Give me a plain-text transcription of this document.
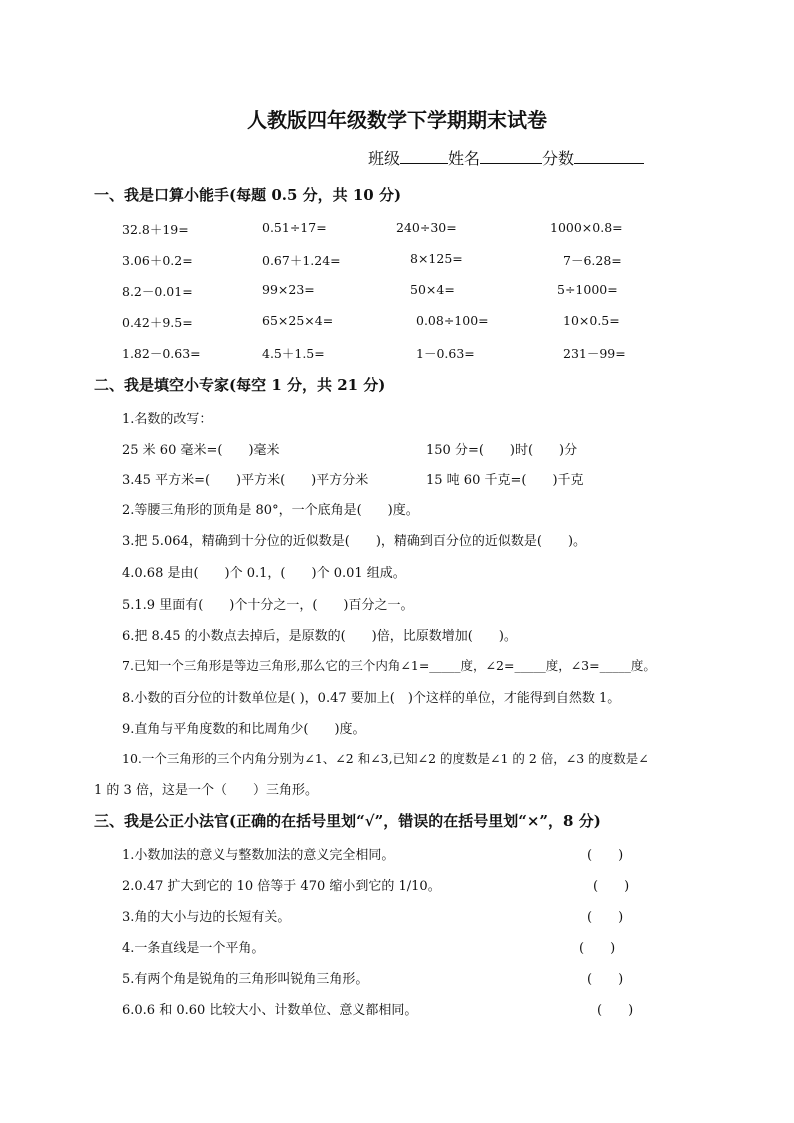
人教版四年级数学下学期期末试卷
班级	姓名	分数
一、我是口算小能手(每题 0.5 分，共 10 分)
32.8＋19=	0.51÷17=	240÷30=	1000×0.8=
3.06＋0.2=	0.67＋1.24=	8×125=	7－6.28=
8.2－0.01=	99×23=	50×4=	5÷1000=
0.42＋9.5=	65×25×4=	0.08÷100=	10×0.5=
1.82－0.63=	4.5＋1.5=	1－0.63=	231－99=
二、我是填空小专家(每空 1 分，共 21 分)
1.名数的改写：
25 米 60 毫米=(　　)毫米	150 分=(　　)时(　　)分
3.45 平方米=(　　)平方米(　　)平方分米	15 吨 60 千克=(　　)千克
2.等腰三角形的顶角是 80°，一个底角是(　　)度。
3.把 5.064，精确到十分位的近似数是(　　)，精确到百分位的近似数是(　　)。
4.0.68 是由(　　)个 0.1，(　　)个 0.01 组成。
5.1.9 里面有(　　)个十分之一，(　　)百分之一。
6.把 8.45 的小数点去掉后，是原数的(　　)倍，比原数增加(　　)。
7.已知一个三角形是等边三角形,那么它的三个内角∠1=_____度，∠2=_____度，∠3=_____度。
8.小数的百分位的计数单位是( )，0.47 要加上(　)个这样的单位，才能得到自然数 1。
9.直角与平角度数的和比周角少(　　)度。
10.一个三角形的三个内角分别为∠1、∠2 和∠3,已知∠2 的度数是∠1 的 2 倍，∠3 的度数是∠
1 的 3 倍，这是一个（　　）三角形。
三、我是公正小法官(正确的在括号里划“√”，错误的在括号里划“×”，8 分)
1.小数加法的意义与整数加法的意义完全相同。	(　　)
2.0.47 扩大到它的 10 倍等于 470 缩小到它的 1/10。	(　　)
3.角的大小与边的长短有关。	(　　)
4.一条直线是一个平角。	(　　)
5.有两个角是锐角的三角形叫锐角三角形。	(　　)
6.0.6 和 0.60 比较大小、计数单位、意义都相同。	(　　)
